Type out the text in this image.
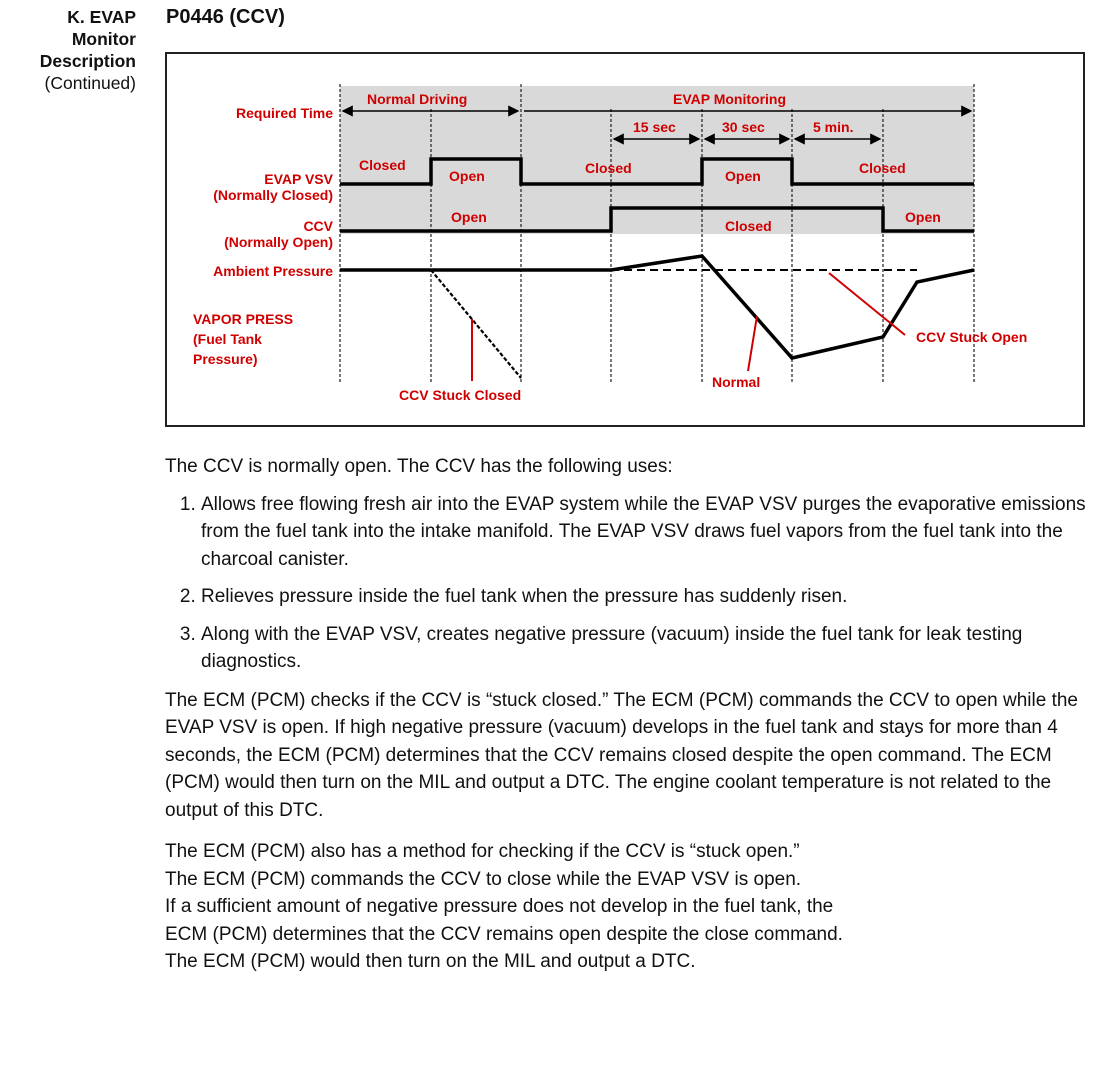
K. EVAP
Monitor
Description
(Continued)
P0446 (CCV)
Normal Driving	EVAP Monitoring
15 sec	30 sec	5 min.
Required Time
EVAP VSV
(Normally Closed)
CCV
(Normally Open)
Ambient Pressure
VAPOR PRESS
(Fuel Tank
Pressure)
Closed
Open	Closed	Open	Closed
Open
Closed
Open
CCV Stuck Closed
Normal
CCV Stuck Open

The CCV is normally open. The CCV has the following uses:

1. Allows free flowing fresh air into the EVAP system while the EVAP VSV purges the evaporative emissions from the fuel tank into the intake manifold. The EVAP VSV draws fuel vapors from the fuel tank into the charcoal canister.
2. Relieves pressure inside the fuel tank when the pressure has suddenly risen.
3. Along with the EVAP VSV, creates negative pressure (vacuum) inside the fuel tank for leak testing diagnostics.

The ECM (PCM) checks if the CCV is “stuck closed.” The ECM (PCM) commands the CCV to open while the EVAP VSV is open. If high negative pressure (vacuum) develops in the fuel tank and stays for more than 4 seconds, the ECM (PCM) determines that the CCV remains closed despite the open command. The ECM (PCM) would then turn on the MIL and output a DTC. The engine coolant temperature is not related to the output of this DTC.

The ECM (PCM) also has a method for checking if the CCV is “stuck open.”
The ECM (PCM) commands the CCV to close while the EVAP VSV is open.
If a sufficient amount of negative pressure does not develop in the fuel tank, the
ECM (PCM) determines that the CCV remains open despite the close command.
The ECM (PCM) would then turn on the MIL and output a DTC.
